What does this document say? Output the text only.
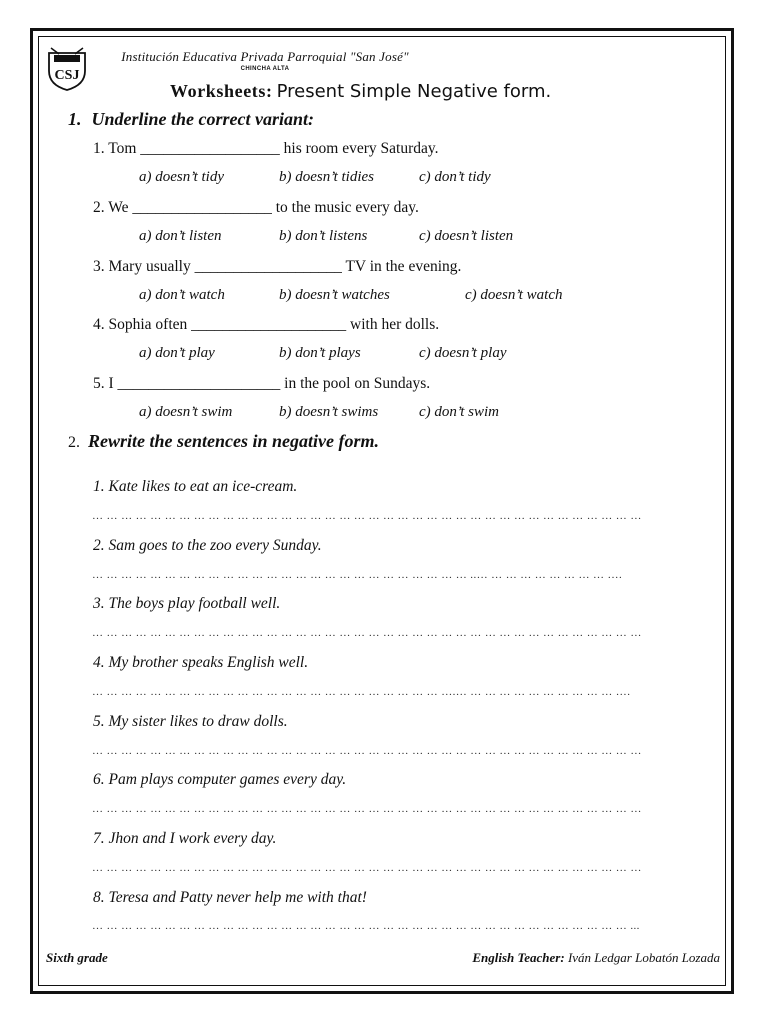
CSJ
Institución Educativa Privada Parroquial "San José"
CHINCHA ALTA
Worksheets: Present Simple Negative form.
1. Underline the correct variant:
1. Tom __________________ his room every Saturday.
a) doesn’t tidy	b) doesn’t tidies	c) don’t tidy
2. We __________________ to the music every day.
a) don’t listen	b) don’t listens	c) doesn’t listen
3. Mary usually ___________________ TV in the evening.
a) don’t watch	b) doesn’t watches	c) doesn’t watch
4. Sophia often ____________________ with her dolls.
a) don’t play	b) don’t plays	c) doesn’t play
5. I _____________________ in the pool on Sundays.
a) doesn’t swim	b) doesn’t swims	c) don’t swim
2. Rewrite the sentences in negative form.
1. Kate likes to eat an ice-cream.
… … … … … … … … … … … … … … … … … … … … … … … … … … … … … … … … … … … … … …
2. Sam goes to the zoo every Sunday.
… … … … … … … … … … … … … … … … … … … … … … … … … … ..… … … … … … … … … ….
3. The boys play football well.
… … … … … … … … … … … … … … … … … … … … … … … … … … … … … … … … … … … … … …
4. My brother speaks English well.
… … … … … … … … … … … … … … … … … … … … … … … … ….… … … … … … … … … … … ….
5. My sister likes to draw dolls.
… … … … … … … … … … … … … … … … … … … … … … … … … … … … … … … … … … … … … …
6. Pam plays computer games every day.
… … … … … … … … … … … … … … … … … … … … … … … … … … … … … … … … … … … … … …
7. Jhon and I work every day.
… … … … … … … … … … … … … … … … … … … … … … … … … … … … … … … … … … … … … …
8. Teresa and Patty never help me with that!
… … … … … … … … … … … … … … … … … … … … … … … … … … … … … … … … … … … … … ...
Sixth grade	English Teacher: Iván Ledgar Lobatón Lozada
